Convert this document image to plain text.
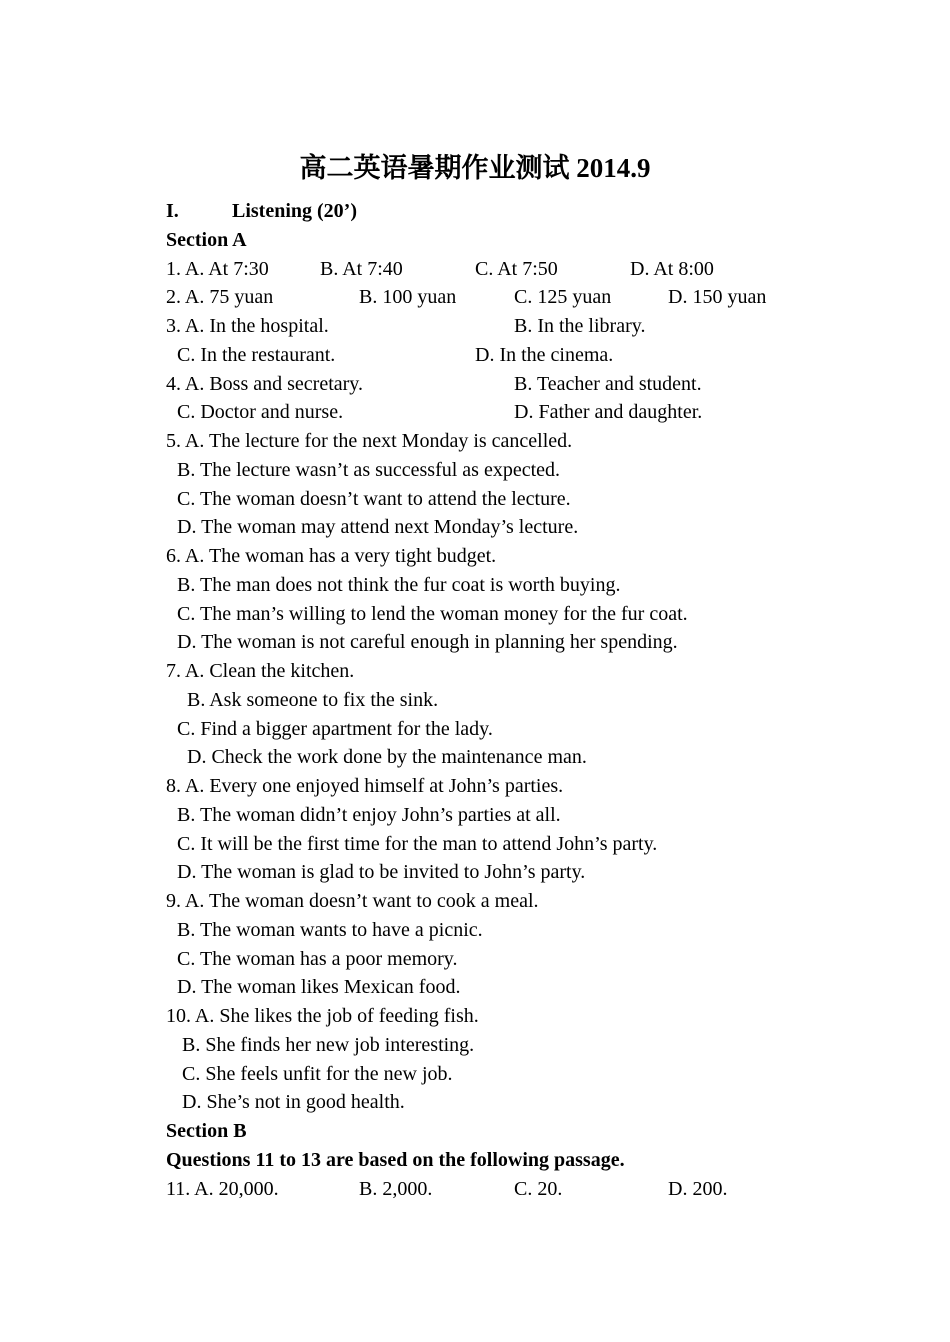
高二英语暑期作业测试 2014.9
I.	Listening (20’)
Section A
1. A. At 7:30	B. At 7:40	C. At 7:50	D. At 8:00
2. A. 75 yuan	B. 100 yuan	C. 125 yuan	D. 150 yuan
3. A. In the hospital.	B. In the library.
C. In the restaurant.	D. In the cinema.
4. A. Boss and secretary.	B. Teacher and student.
C. Doctor and nurse.	D. Father and daughter.
5. A. The lecture for the next Monday is cancelled.
B. The lecture wasn’t as successful as expected.
C. The woman doesn’t want to attend the lecture.
D. The woman may attend next Monday’s lecture.
6. A. The woman has a very tight budget.
B. The man does not think the fur coat is worth buying.
C. The man’s willing to lend the woman money for the fur coat.
D. The woman is not careful enough in planning her spending.
7. A. Clean the kitchen.
B. Ask someone to fix the sink.
C. Find a bigger apartment for the lady.
D. Check the work done by the maintenance man.
8. A. Every one enjoyed himself at John’s parties.
B. The woman didn’t enjoy John’s parties at all.
C. It will be the first time for the man to attend John’s party.
D. The woman is glad to be invited to John’s party.
9. A. The woman doesn’t want to cook a meal.
B. The woman wants to have a picnic.
C. The woman has a poor memory.
D. The woman likes Mexican food.
10. A. She likes the job of feeding fish.
B. She finds her new job interesting.
C. She feels unfit for the new job.
D. She’s not in good health.
Section B
Questions 11 to 13 are based on the following passage.
11. A. 20,000.	B. 2,000.	C. 20.	D. 200.
